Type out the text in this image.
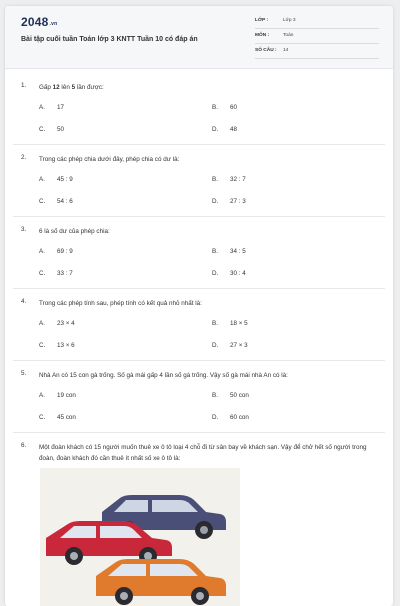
2048.vn
Bài tập cuối tuần Toán lớp 3 KNTT Tuần 10 có đáp án
LỚP :	Lớp 3
MÔN :	Toán
SỐ CÂU : 14
1. Gấp 12 lên 5 lần được:
A. 17	B. 60
C. 50	D. 48
2. Trong các phép chia dưới đây, phép chia có dư là:
A. 45 : 9	B. 32 : 7
C. 54 : 6	D. 27 : 3
3. 6 là số dư của phép chia:
A. 69 : 9	B. 34 : 5
C. 33 : 7	D. 30 : 4
4. Trong các phép tính sau, phép tính có kết quả nhỏ nhất là:
A. 23 × 4	B. 18 × 5
C. 13 × 6	D. 27 × 3
5. Nhà An có 15 con gà trống. Số gà mái gấp 4 lần số gà trống. Vậy số gà mái nhà An có là:
A. 19 con	B. 50 con
C. 45 con	D. 60 con
6. Một đoàn khách có 15 người muốn thuê xe ô tô loại 4 chỗ đi từ sân bay về khách sạn. Vậy để chở hết số người trong đoàn, đoàn khách đó cần thuê ít nhất số xe ô tô là:
